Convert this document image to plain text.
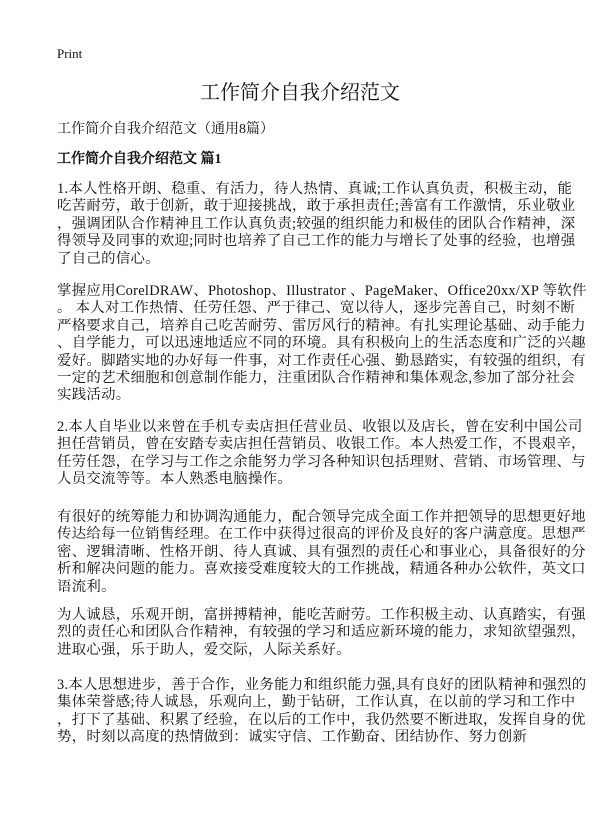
Print
工作简介自我介绍范文
工作简介自我介绍范文（通用8篇）
工作简介自我介绍范文 篇1
1.本人性格开朗、稳重、有活力，待人热情、真诚;工作认真负责，积极主动，能
吃苦耐劳，敢于创新，敢于迎接挑战，敢于承担责任;善富有工作激情，乐业敬业
，强调团队合作精神且工作认真负责;较强的组织能力和极佳的团队合作精神，深
得领导及同事的欢迎;同时也培养了自己工作的能力与增长了处事的经验，也增强
了自己的信心。
掌握应用CorelDRAW、Photoshop、Illustrator 、PageMaker、Office20xx/XP 等软件
。 本人对工作热情、任劳任怨、严于律己、宽以待人，逐步完善自己，时刻不断
严格要求自己，培养自己吃苦耐劳、雷厉风行的精神。有扎实理论基础、动手能力
、自学能力，可以迅速地适应不同的环境。具有积极向上的生活态度和广泛的兴趣
爱好。脚踏实地的办好每一件事，对工作责任心强、勤恳踏实，有较强的组织，有
一定的艺术细胞和创意制作能力，注重团队合作精神和集体观念,参加了部分社会
实践活动。
2.本人自毕业以来曾在手机专卖店担任营业员、收银以及店长，曾在安利中国公司
担任营销员，曾在安踏专卖店担任营销员、收银工作。本人热爱工作，不畏艰辛，
任劳任怨，在学习与工作之余能努力学习各种知识包括理财、营销、市场管理、与
人员交流等等。本人熟悉电脑操作。
有很好的统筹能力和协调沟通能力，配合领导完成全面工作并把领导的思想更好地
传达给每一位销售经理。在工作中获得过很高的评价及良好的客户满意度。思想严
密、逻辑清晰、性格开朗、待人真诚、具有强烈的责任心和事业心，具备很好的分
析和解决问题的能力。喜欢接受难度较大的工作挑战，精通各种办公软件，英文口
语流利。
为人诚恳，乐观开朗，富拼搏精神，能吃苦耐劳。工作积极主动、认真踏实，有强
烈的责任心和团队合作精神，有较强的学习和适应新环境的能力，求知欲望强烈，
进取心强，乐于助人，爱交际，人际关系好。
3.本人思想进步，善于合作，业务能力和组织能力强,具有良好的团队精神和强烈的
集体荣誉感;待人诚恳，乐观向上，勤于钻研，工作认真，在以前的学习和工作中
，打下了基础、积累了经验，在以后的工作中，我仍然要不断进取，发挥自身的优
势，时刻以高度的热情做到：诚实守信、工作勤奋、团结协作、努力创新
